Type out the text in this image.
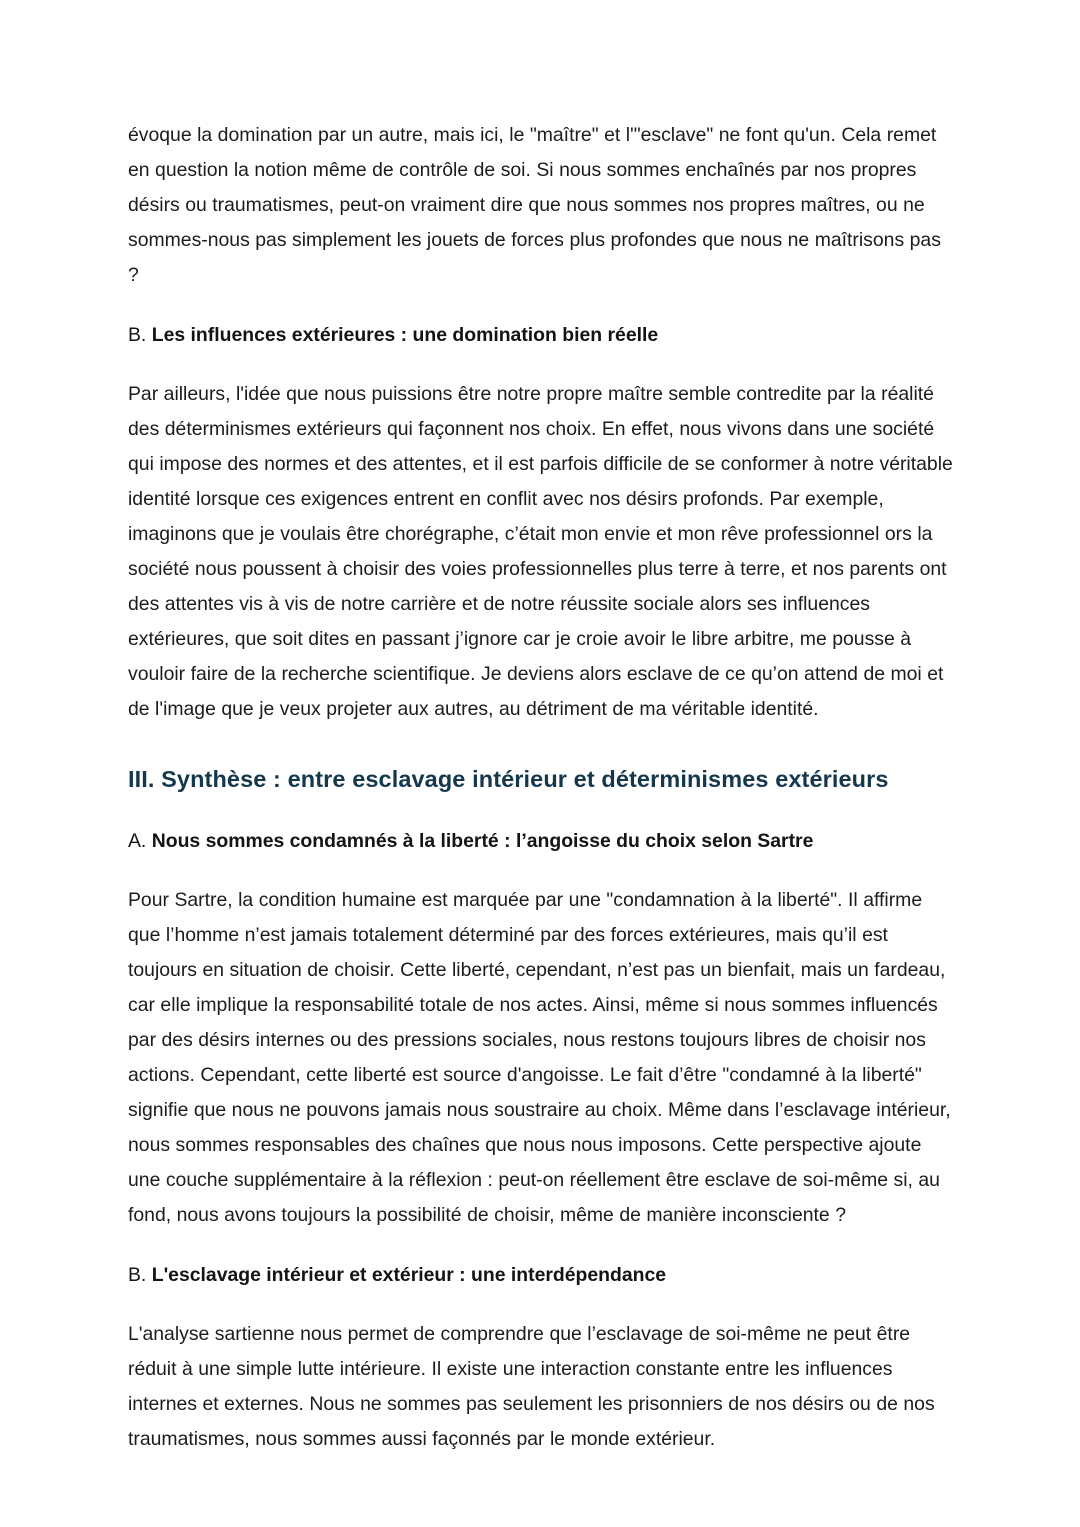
évoque la domination par un autre, mais ici, le "maître" et l'"esclave" ne font qu'un. Cela remet en question la notion même de contrôle de soi. Si nous sommes enchaînés par nos propres désirs ou traumatismes, peut-on vraiment dire que nous sommes nos propres maîtres, ou ne sommes-nous pas simplement les jouets de forces plus profondes que nous ne maîtrisons pas ?

B. Les influences extérieures : une domination bien réelle

Par ailleurs, l'idée que nous puissions être notre propre maître semble contredite par la réalité des déterminismes extérieurs qui façonnent nos choix. En effet, nous vivons dans une société qui impose des normes et des attentes, et il est parfois difficile de se conformer à notre véritable identité lorsque ces exigences entrent en conflit avec nos désirs profonds. Par exemple, imaginons que je voulais être chorégraphe, c’était mon envie et mon rêve professionnel ors la société nous poussent à choisir des voies professionnelles plus terre à terre, et nos parents ont des attentes vis à vis de notre carrière et de notre réussite sociale alors ses influences extérieures, que soit dites en passant j’ignore car je croie avoir le libre arbitre, me pousse à vouloir faire de la recherche scientifique. Je deviens alors esclave de ce qu’on attend de moi et de l'image que je veux projeter aux autres, au détriment de ma véritable identité.

III. Synthèse : entre esclavage intérieur et déterminismes extérieurs

A. Nous sommes condamnés à la liberté : l’angoisse du choix selon Sartre

Pour Sartre, la condition humaine est marquée par une "condamnation à la liberté". Il affirme que l’homme n’est jamais totalement déterminé par des forces extérieures, mais qu’il est toujours en situation de choisir. Cette liberté, cependant, n’est pas un bienfait, mais un fardeau, car elle implique la responsabilité totale de nos actes. Ainsi, même si nous sommes influencés par des désirs internes ou des pressions sociales, nous restons toujours libres de choisir nos actions. Cependant, cette liberté est source d'angoisse. Le fait d’être "condamné à la liberté" signifie que nous ne pouvons jamais nous soustraire au choix. Même dans l’esclavage intérieur, nous sommes responsables des chaînes que nous nous imposons. Cette perspective ajoute une couche supplémentaire à la réflexion : peut-on réellement être esclave de soi-même si, au fond, nous avons toujours la possibilité de choisir, même de manière inconsciente ?

B. L'esclavage intérieur et extérieur : une interdépendance

L'analyse sartienne nous permet de comprendre que l’esclavage de soi-même ne peut être réduit à une simple lutte intérieure. Il existe une interaction constante entre les influences internes et externes. Nous ne sommes pas seulement les prisonniers de nos désirs ou de nos traumatismes, nous sommes aussi façonnés par le monde extérieur.
